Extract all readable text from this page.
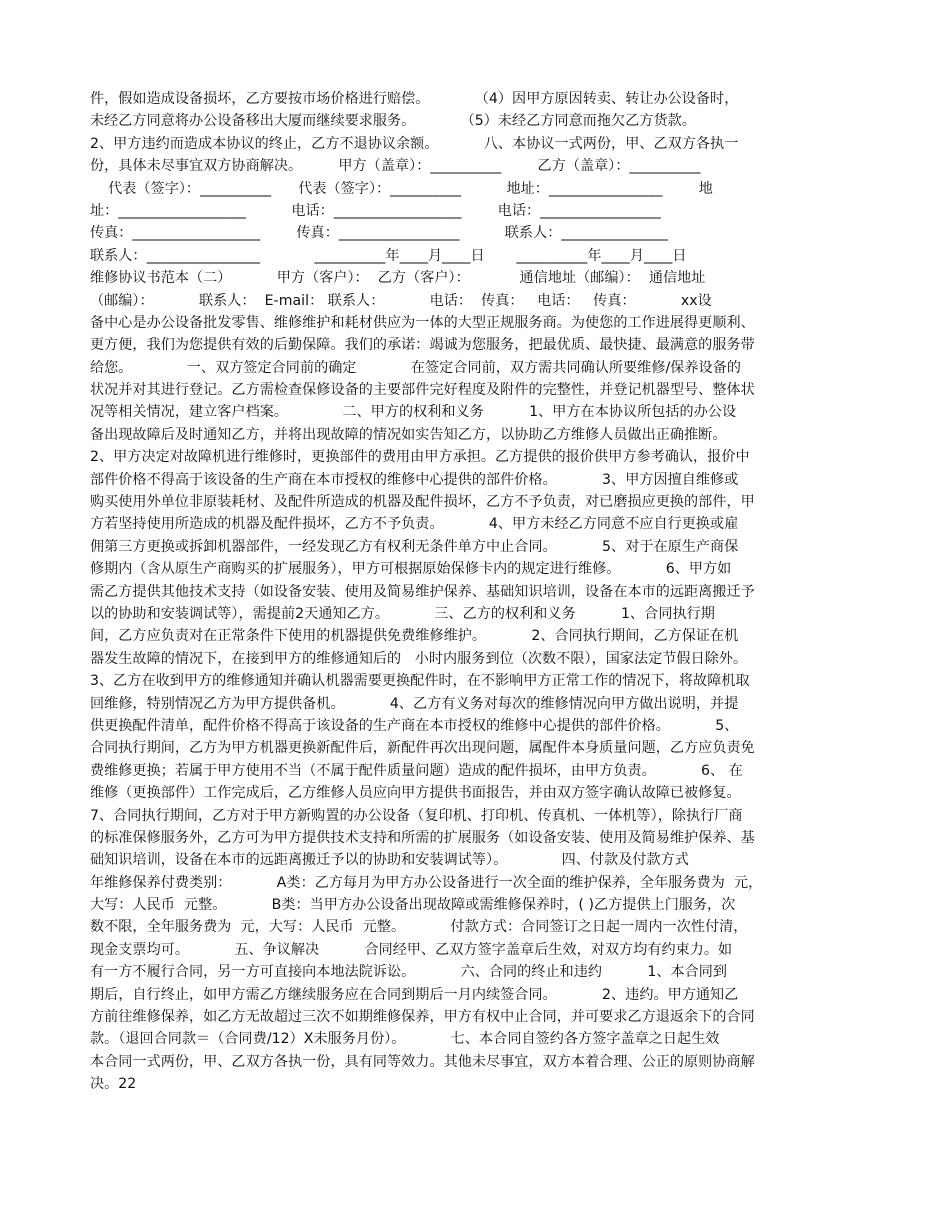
件，假如造成设备损坏，乙方要按市场价格进行赔偿。          （4）因甲方原因转卖、转让办公设备时，
未经乙方同意将办公设备移出大厦而继续要求服务。          （5）未经乙方同意而拖欠乙方货款。
2、甲方违约而造成本协议的终止，乙方不退协议余额。          八、本协议一式两份，甲、乙双方各执一
份，具体未尽事宜双方协商解决。        甲方（盖章）：__________        乙方（盖章）：__________
代表（签字）：__________      代表（签字）：__________          地址：________________        地
址：__________________          电话：__________________        电话：_________________
传真：__________________        传真：_________________          联系人：_______________
联系人：________________            __________年____月____日       __________年____月____日
维修协议书范本（二）          甲方（客户）：  乙方（客户）：           通信地址（邮编）：  通信地址
（邮编）：          联系人：  E-mail： 联系人：          电话：  传真：   电话：   传真：          xx设
备中心是办公设备批发零售、维修维护和耗材供应为一体的大型正规服务商。为使您的工作进展得更顺利、
更方便，我们为您提供有效的后勤保障。我们的承诺：竭诚为您服务，把最优质、最快捷、最满意的服务带
给您。            一、双方签定合同前的确定            在签定合同前，双方需共同确认所要维修/保养设备的
状况并对其进行登记。乙方需检查保修设备的主要部件完好程度及附件的完整性，并登记机器型号、整体状
况等相关情况，建立客户档案。            二、甲方的权利和义务          1、甲方在本协议所包括的办公设
备出现故障后及时通知乙方，并将出现故障的情况如实告知乙方，以协助乙方维修人员做出正确推断。
2、甲方决定对故障机进行维修时，更换部件的费用由甲方承担。乙方提供的报价供甲方参考确认，报价中
部件价格不得高于该设备的生产商在本市授权的维修中心提供的部件价格。          3、甲方因擅自维修或
购买使用外单位非原装耗材、及配件所造成的机器及配件损坏，乙方不予负责，对已磨损应更换的部件，甲
方若坚持使用所造成的机器及配件损坏，乙方不予负责。          4、甲方未经乙方同意不应自行更换或雇
佣第三方更换或拆卸机器部件，一经发现乙方有权利无条件单方中止合同。          5、对于在原生产商保
修期内（含从原生产商购买的扩展服务），甲方可根据原始保修卡内的规定进行维修。          6、甲方如
需乙方提供其他技术支持（如设备安装、使用及简易维护保养、基础知识培训，设备在本市的远距离搬迁予
以的协助和安装调试等），需提前2天通知乙方。          三、乙方的权利和义务          1、合同执行期
间，乙方应负责对在正常条件下使用的机器提供免费维修维护。          2、合同执行期间，乙方保证在机
器发生故障的情况下，在接到甲方的维修通知后的   小时内服务到位（次数不限），国家法定节假日除外。
3、乙方在收到甲方的维修通知并确认机器需要更换配件时，在不影响甲方正常工作的情况下，将故障机取
回维修，特别情况乙方为甲方提供备机。          4、乙方有义务对每次的维修情况向甲方做出说明，并提
供更换配件清单，配件价格不得高于该设备的生产商在本市授权的维修中心提供的部件价格。          5、
合同执行期间，乙方为甲方机器更换新配件后，新配件再次出现问题，属配件本身质量问题，乙方应负责免
费维修更换；若属于甲方使用不当（不属于配件质量问题）造成的配件损坏，由甲方负责。          6、 在
维修（更换部件）工作完成后，乙方维修人员应向甲方提供书面报告，并由双方签字确认故障已被修复。
7、合同执行期间，乙方对于甲方新购置的办公设备（复印机、打印机、传真机、一体机等），除执行厂商
的标准保修服务外，乙方可为甲方提供技术支持和所需的扩展服务（如设备安装、使用及简易维护保养、基
础知识培训，设备在本市的远距离搬迁予以的协助和安装调试等）。            四、付款及付款方式
年维修保养付费类别：          A类：乙方每月为甲方办公设备进行一次全面的维护保养，全年服务费为  元，
大写：人民币  元整。          B类：当甲方办公设备出现故障或需维修保养时，( )乙方提供上门服务，次
数不限，全年服务费为  元，大写：人民币  元整。          付款方式：合同签订之日起一周内一次性付清，
现金支票均可。          五、争议解决          合同经甲、乙双方签字盖章后生效，对双方均有约束力。如
有一方不履行合同，另一方可直接向本地法院诉讼。          六、合同的终止和违约          1、本合同到
期后，自行终止，如甲方需乙方继续服务应在合同到期后一月内续签合同。          2、违约。甲方通知乙
方前往维修保养，如乙方无故超过三次不如期维修保养，甲方有权中止合同，并可要求乙方退返余下的合同
款。（退回合同款＝（合同费/12）X未服务月份）。          七、本合同自签约各方签字盖章之日起生效
本合同一式两份，甲、乙双方各执一份，具有同等效力。其他未尽事宜，双方本着合理、公正的原则协商解
决。22
